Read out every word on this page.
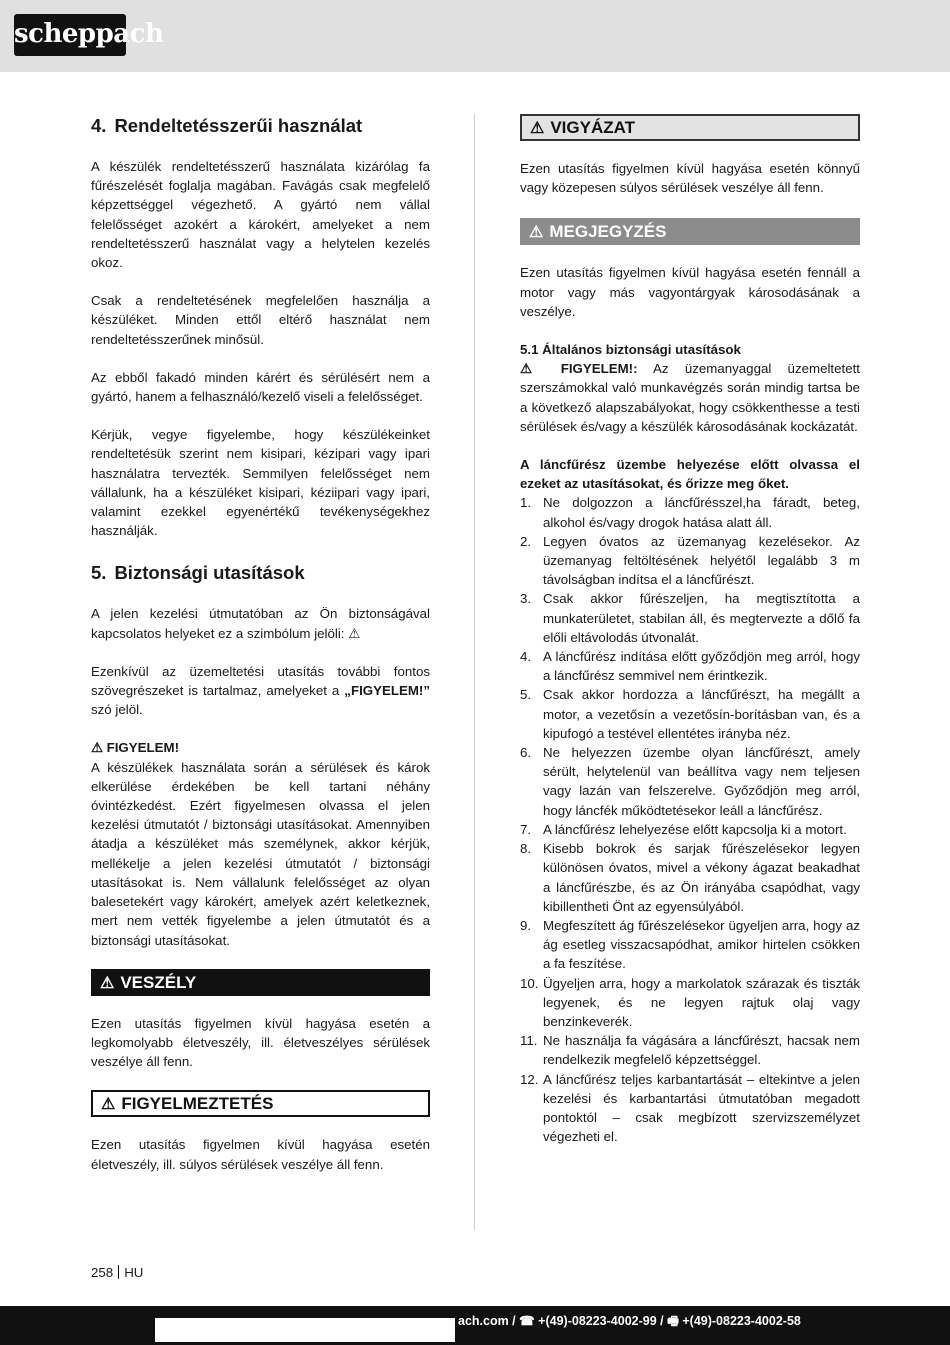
scheppach
4. Rendeltetésszerűi használat

A készülék rendeltetésszerű használata kizárólag fa fűrészelését foglalja magában. Favágás csak megfelelő képzettséggel végezhető. A gyártó nem vállal felelősséget azokért a károkért, amelyeket a nem rendeltetésszerű használat vagy a helytelen kezelés okoz.

Csak a rendeltetésének megfelelően használja a készüléket. Minden ettől eltérő használat nem rendeltetésszerűnek minősül.

Az ebből fakadó minden kárért és sérülésért nem a gyártó, hanem a felhasználó/kezelő viseli a felelősséget.

Kérjük, vegye figyelembe, hogy készülékeinket rendeltetésük szerint nem kisipari, kézipari vagy ipari használatra tervezték. Semmilyen felelősséget nem vállalunk, ha a készüléket kisipari, kéziipari vagy ipari, valamint ezekkel egyenértékű tevékenységekhez használják.

5. Biztonsági utasítások

A jelen kezelési útmutatóban az Ön biztonságával kapcsolatos helyeket ez a szimbólum jelöli: ⚠

Ezenkívül az üzemeltetési utasítás további fontos szövegrészeket is tartalmaz, amelyeket a „FIGYELEM!” szó jelöl.

⚠ FIGYELEM!

A készülékek használata során a sérülések és károk elkerülése érdekében be kell tartani néhány óvintézkedést. Ezért figyelmesen olvassa el jelen kezelési útmutatót / biztonsági utasításokat. Amennyiben átadja a készüléket más személynek, akkor kérjük, mellékelje a jelen kezelési útmutatót / biztonsági utasításokat is. Nem vállalunk felelősséget az olyan balesetekért vagy károkért, amelyek azért keletkeznek, mert nem vették figyelembe a jelen útmutatót és a biztonsági utasításokat.

⚠ VESZÉLY

Ezen utasítás figyelmen kívül hagyása esetén a legkomolyabb életveszély, ill. életveszélyes sérülések veszélye áll fenn.

⚠ FIGYELMEZTETÉS

Ezen utasítás figyelmen kívül hagyása esetén életveszély, ill. súlyos sérülések veszélye áll fenn.

⚠ VIGYÁZAT

Ezen utasítás figyelmen kívül hagyása esetén könnyű vagy közepesen súlyos sérülések veszélye áll fenn.

⚠ MEGJEGYZÉS

Ezen utasítás figyelmen kívül hagyása esetén fennáll a motor vagy más vagyontárgyak károsodásának a veszélye.

5.1 Általános biztonsági utasítások

⚠ FIGYELEM!: Az üzemanyaggal üzemeltetett szerszámokkal való munkavégzés során mindig tartsa be a következő alapszabályokat, hogy csökkenthesse a testi sérülések és/vagy a készülék károsodásának kockázatát.

A láncfűrész üzembe helyezése előtt olvassa el ezeket az utasításokat, és őrizze meg őket.

1. Ne dolgozzon a láncfűrésszel,ha fáradt, beteg, alkohol és/vagy drogok hatása alatt áll.
2. Legyen óvatos az üzemanyag kezelésekor. Az üzemanyag feltöltésének helyétől legalább 3 m távolságban indítsa el a láncfűrészt.
3. Csak akkor fűrészeljen, ha megtisztította a munkaterületet, stabilan áll, és megtervezte a dőlő fa előli eltávolodás útvonalát.
4. A láncfűrész indítása előtt győződjön meg arról, hogy a láncfűrész semmivel nem érintkezik.
5. Csak akkor hordozza a láncfűrészt, ha megállt a motor, a vezetősín a vezetősín-borításban van, és a kipufogó a testével ellentétes irányba néz.
6. Ne helyezzen üzembe olyan láncfűrészt, amely sérült, helytelenül van beállítva vagy nem teljesen vagy lazán van felszerelve. Győződjön meg arról, hogy láncfék működtetésekor leáll a láncfűrész.
7. A láncfűrész lehelyezése előtt kapcsolja ki a motort.
8. Kisebb bokrok és sarjak fűrészelésekor legyen különösen óvatos, mivel a vékony ágazat beakadhat a láncfűrészbe, és az Ön irányába csapódhat, vagy kibillentheti Önt az egyensúlyából.
9. Megfeszített ág fűrészelésekor ügyeljen arra, hogy az ág esetleg visszacsapódhat, amikor hirtelen csökken a fa feszítése.
10. Ügyeljen arra, hogy a markolatok szárazak és tiszták legyenek, és ne legyen rajtuk olaj vagy benzinkeverék.
11. Ne használja fa vágására a láncfűrészt, hacsak nem rendelkezik megfelelő képzettséggel.
12. A láncfűrész teljes karbantartását – eltekintve a jelen kezelési és karbantartási útmutatóban megadott pontoktól – csak megbízott szervizszemélyzet végezheti el.
258 HU
ach.com / ☎ +(49)-08223-4002-99 / 🖷 +(49)-08223-4002-58
